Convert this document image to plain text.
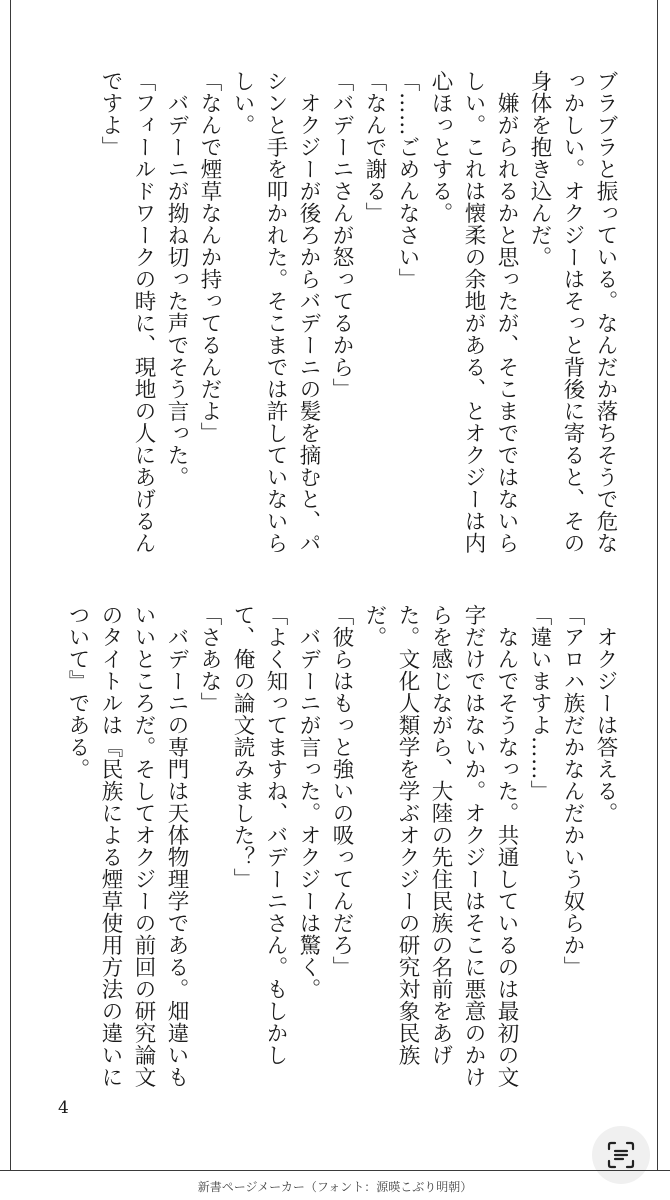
ブラブラと振っている。なんだか落ちそうで危なっかしい。オクジーはそっと背後に寄ると、その身体を抱き込んだ。

嫌がられるかと思ったが、そこまでではないらしい。これは懐柔の余地がある、とオクジーは内心ほっとする。

「……ごめんなさい」

「なんで謝る」

「バデーニさんが怒ってるから」

オクジーが後ろからバデーニの髪を摘むと、パシンと手を叩かれた。そこまでは許していないらしい。

「なんで煙草なんか持ってるんだよ」

バデーニが拗ね切った声でそう言った。

「フィールドワークの時に、現地の人にあげるんですよ」

オクジーは答える。

「アロハ族だかなんだかいう奴らか」

「違いますよ……」

なんでそうなった。共通しているのは最初の文字だけではないか。オクジーはそこに悪意のかけらを感じながら、大陸の先住民族の名前をあげた。文化人類学を学ぶオクジーの研究対象民族だ。

「彼らはもっと強いの吸ってんだろ」

バデーニが言った。オクジーは驚く。

「よく知ってますね、バデーニさん。もしかして、俺の論文読みました？」

「さあな」

バデーニの専門は天体物理学である。畑違いもいいところだ。そしてオクジーの前回の研究論文のタイトルは『民族による煙草使用方法の違いについて』である。

4
新書ページメーカー（フォント：源暎こぶり明朝）
